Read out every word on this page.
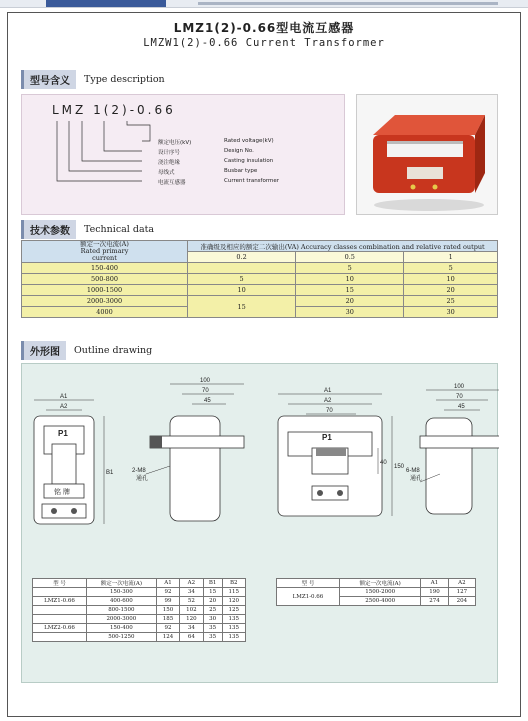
LMZ1(2)-0.66型电流互感器
LMZW1(2)-0.66 Current Transformer
型号含义	Type description
LMZ 1(2)-0.66
额定电压(kV)	Rated voltage(kV)
设计序号	Design No.
浇注绝缘	Casting insulation
母线式	Busbar type
电流互感器	Current transformer
技术参数	Technical data
额定一次电流(A)
Rated primary
current	准确级及相应的额定二次输出(VA) Accuracy classes combination and relative rated output		
	0.2	0.5	1
150-400		5	5
500-800	5	10	10
1000-1500	10	15	20
2000-3000	15	20	25
4000		30	30
外形图	Outline drawing
A1
A2
P1
铭 牌
B1
100
70
45
2-M8
通孔
A1
A2
70
P1
40
150
100
70
45
6-M8
通孔
型 号	额定一次电流(A)	A1	A2	B1	B2
	150-300	92	34	15	115
LMZ1-0.66	400-600	99	52	20	120
	800-1500	150	102	25	125
	2000-3000	185	120	30	135
LMZ2-0.66	150-400	92	34	35	135
	500-1250	124	64	35	135
型 号	额定一次电流(A)	A1	A2
LMZ1-0.66	1500-2000	190	127
	2500-4000	274	204
